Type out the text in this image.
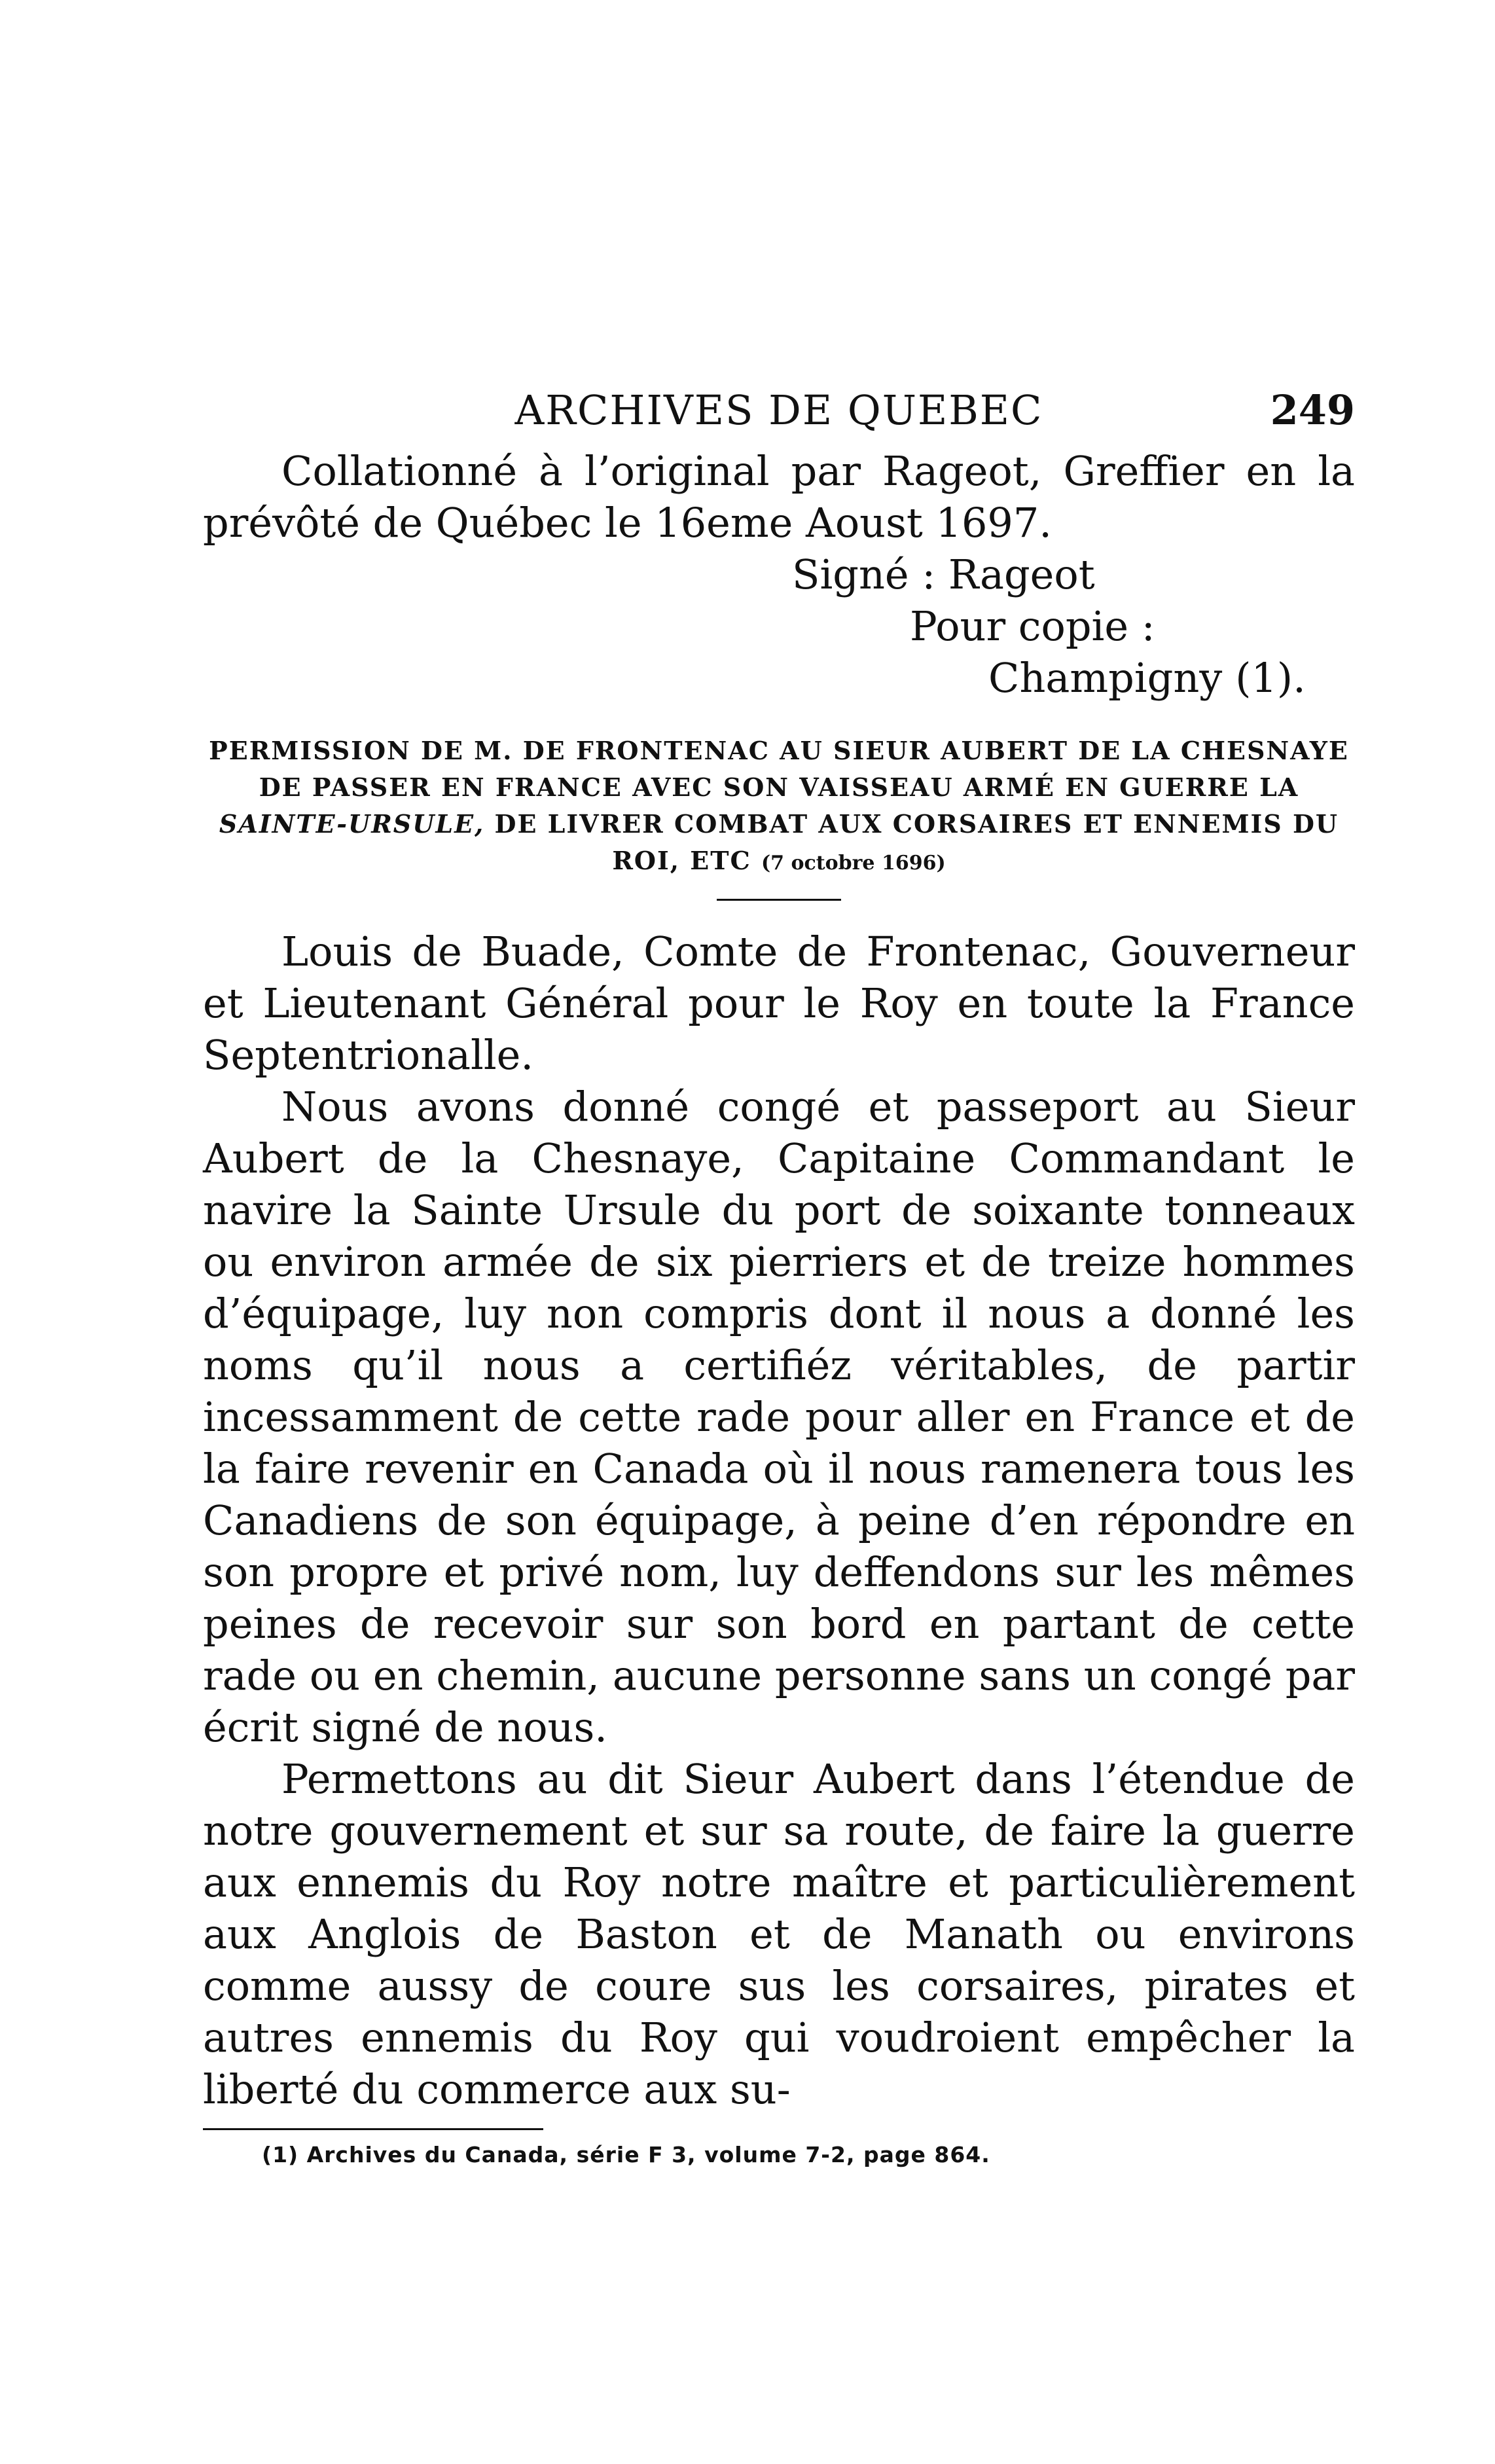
ARCHIVES DE QUEBEC	249

Collationné à l’original par Rageot, Greffier en la prévôté de Québec le 16eme Aoust 1697.

Signé : Rageot
Pour copie :
Champigny (1).
PERMISSION DE M. DE FRONTENAC AU SIEUR AUBERT DE LA CHESNAYE DE PASSER EN FRANCE AVEC SON VAISSEAU ARMÉ EN GUERRE LA SAINTE-URSULE, DE LIVRER COMBAT AUX CORSAIRES ET ENNEMIS DU ROI, ETC (7 octobre 1696)

Louis de Buade, Comte de Frontenac, Gouverneur et Lieutenant Général pour le Roy en toute la France Septentrionalle.

Nous avons donné congé et passeport au Sieur Aubert de la Chesnaye, Capitaine Commandant le navire la Sainte Ursule du port de soixante tonneaux ou environ armée de six pierriers et de treize hommes d’équipage, luy non compris dont il nous a donné les noms qu’il nous a certifiéz véritables, de partir incessamment de cette rade pour aller en France et de la faire revenir en Canada où il nous ramenera tous les Canadiens de son équipage, à peine d’en répondre en son propre et privé nom, luy deffendons sur les mêmes peines de recevoir sur son bord en partant de cette rade ou en chemin, aucune personne sans un congé par écrit signé de nous.

Permettons au dit Sieur Aubert dans l’étendue de notre gouvernement et sur sa route, de faire la guerre aux ennemis du Roy notre maître et particulièrement aux Anglois de Baston et de Manath ou environs comme aussy de coure sus les corsaires, pirates et autres ennemis du Roy qui voudroient empêcher la liberté du commerce aux su-

(1) Archives du Canada, série F 3, volume 7-2, page 864.
